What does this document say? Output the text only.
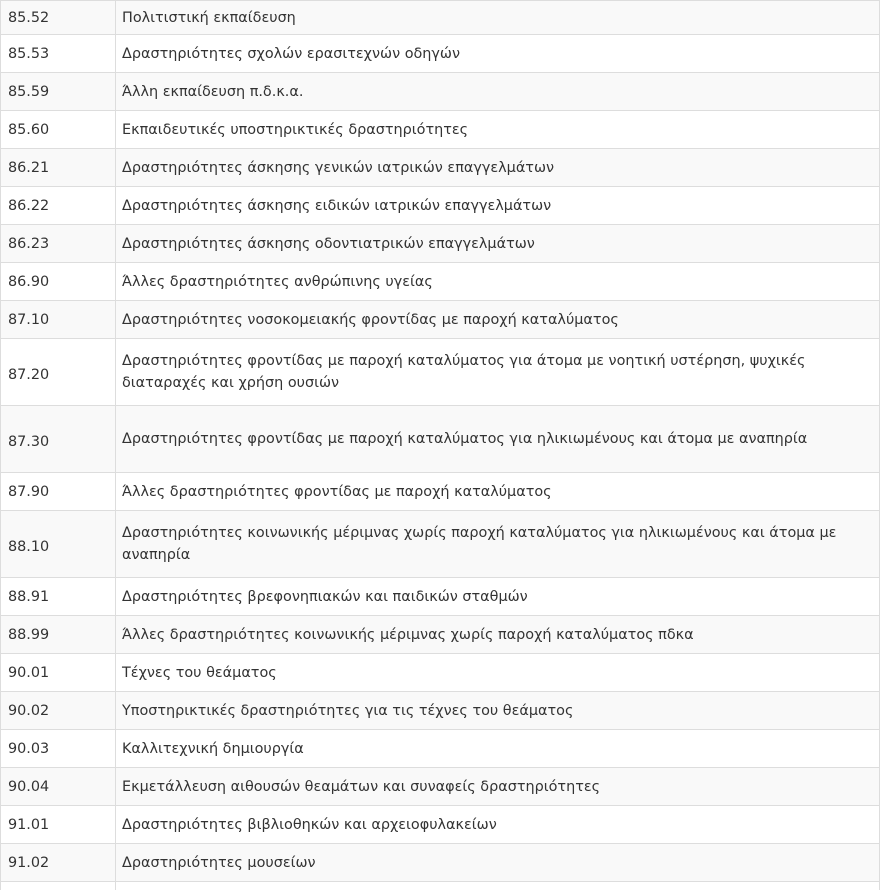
85.52	Πολιτιστική εκπαίδευση
85.53	Δραστηριότητες σχολών ερασιτεχνών οδηγών
85.59	Άλλη εκπαίδευση π.δ.κ.α.
85.60	Εκπαιδευτικές υποστηρικτικές δραστηριότητες
86.21	Δραστηριότητες άσκησης γενικών ιατρικών επαγγελμάτων
86.22	Δραστηριότητες άσκησης ειδικών ιατρικών επαγγελμάτων
86.23	Δραστηριότητες άσκησης οδοντιατρικών επαγγελμάτων
86.90	Άλλες δραστηριότητες ανθρώπινης υγείας
87.10	Δραστηριότητες νοσοκομειακής φροντίδας με παροχή καταλύματος
87.20	Δραστηριότητες φροντίδας με παροχή καταλύματος για άτομα με νοητική υστέρηση, ψυχικές διαταραχές και χρήση ουσιών
87.30	Δραστηριότητες φροντίδας με παροχή καταλύματος για ηλικιωμένους και άτομα με αναπηρία
87.90	Άλλες δραστηριότητες φροντίδας με παροχή καταλύματος
88.10	Δραστηριότητες κοινωνικής μέριμνας χωρίς παροχή καταλύματος για ηλικιωμένους και άτομα με αναπηρία
88.91	Δραστηριότητες βρεφονηπιακών και παιδικών σταθμών
88.99	Άλλες δραστηριότητες κοινωνικής μέριμνας χωρίς παροχή καταλύματος πδκα
90.01	Τέχνες του θεάματος
90.02	Υποστηρικτικές δραστηριότητες για τις τέχνες του θεάματος
90.03	Καλλιτεχνική δημιουργία
90.04	Εκμετάλλευση αιθουσών θεαμάτων και συναφείς δραστηριότητες
91.01	Δραστηριότητες βιβλιοθηκών και αρχειοφυλακείων
91.02	Δραστηριότητες μουσείων
